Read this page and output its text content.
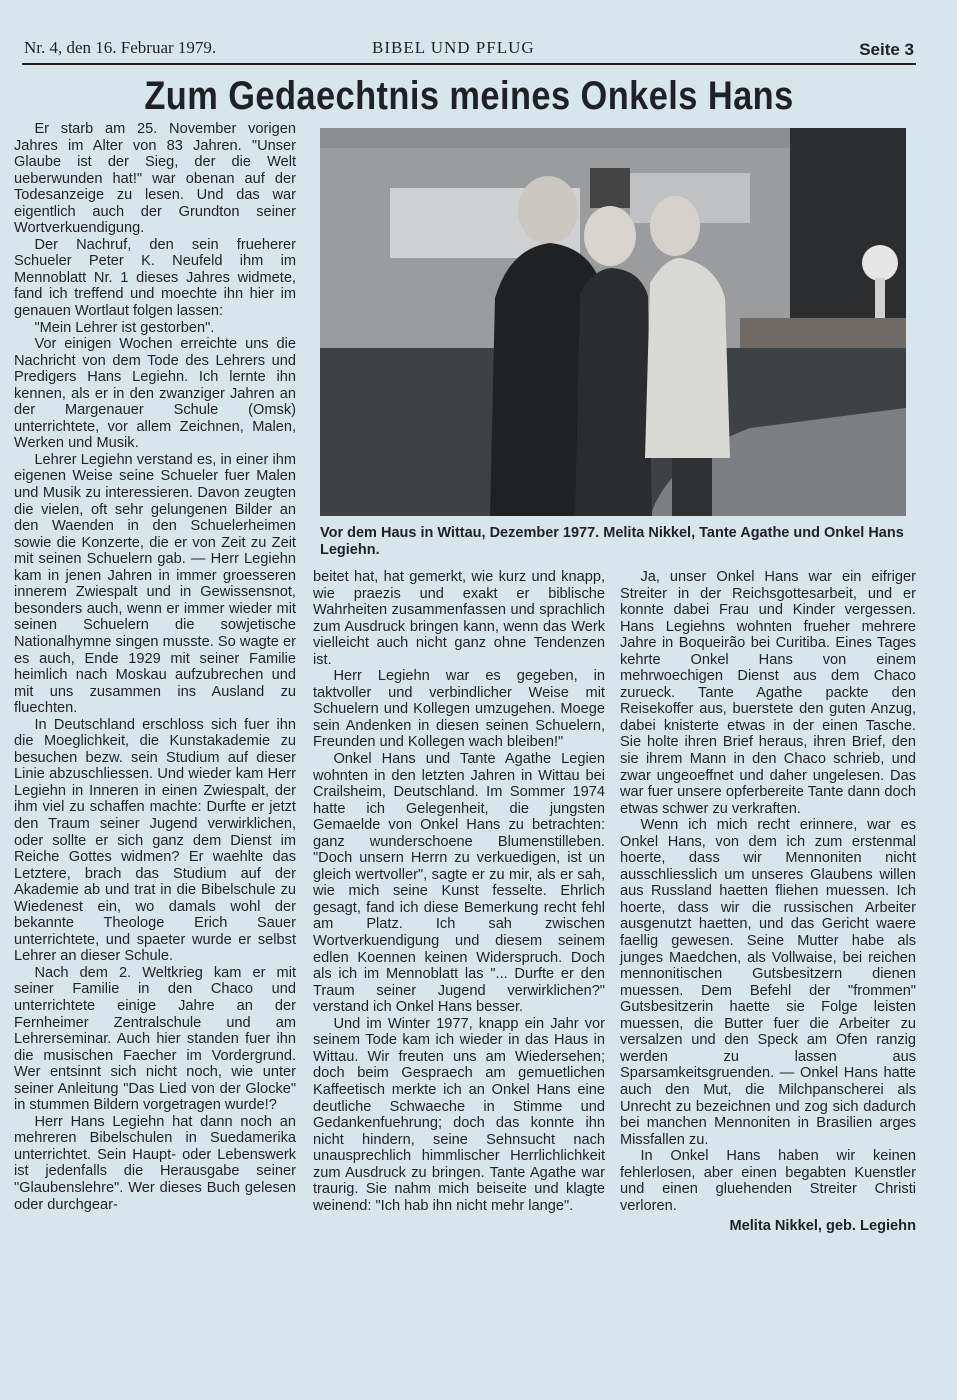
Nr. 4, den 16. Februar 1979.	BIBEL UND PFLUG	Seite 3
Zum Gedaechtnis meines Onkels Hans

Er starb am 25. November vorigen Jahres im Alter von 83 Jahren. "Unser Glaube ist der Sieg, der die Welt ueberwunden hat!" war obenan auf der Todesanzeige zu lesen. Und das war eigentlich auch der Grundton seiner Wortverkuendigung.

Der Nachruf, den sein frueherer Schueler Peter K. Neufeld ihm im Mennoblatt Nr. 1 dieses Jahres widmete, fand ich treffend und moechte ihn hier im genauen Wortlaut folgen lassen:

"Mein Lehrer ist gestorben".

Vor einigen Wochen erreichte uns die Nachricht von dem Tode des Lehrers und Predigers Hans Legiehn. Ich lernte ihn kennen, als er in den zwanziger Jahren an der Margenauer Schule (Omsk) unterrichtete, vor allem Zeichnen, Malen, Werken und Musik.

Lehrer Legiehn verstand es, in einer ihm eigenen Weise seine Schueler fuer Malen und Musik zu interessieren. Davon zeugten die vielen, oft sehr gelungenen Bilder an den Waenden in den Schuelerheimen sowie die Konzerte, die er von Zeit zu Zeit mit seinen Schuelern gab. — Herr Legiehn kam in jenen Jahren in immer groesseren innerem Zwiespalt und in Gewissensnot, besonders auch, wenn er immer wieder mit seinen Schuelern die sowjetische Nationalhymne singen musste. So wagte er es auch, Ende 1929 mit seiner Familie heimlich nach Moskau aufzubrechen und mit uns zusammen ins Ausland zu fluechten.

In Deutschland erschloss sich fuer ihn die Moeglichkeit, die Kunstakademie zu besuchen bezw. sein Studium auf dieser Linie abzuschliessen. Und wieder kam Herr Legiehn in Inneren in einen Zwiespalt, der ihm viel zu schaffen machte: Durfte er jetzt den Traum seiner Jugend verwirklichen, oder sollte er sich ganz dem Dienst im Reiche Gottes widmen? Er waehlte das Letztere, brach das Studium auf der Akademie ab und trat in die Bibelschule zu Wiedenest ein, wo damals wohl der bekannte Theologe Erich Sauer unterrichtete, und spaeter wurde er selbst Lehrer an dieser Schule.

Nach dem 2. Weltkrieg kam er mit seiner Familie in den Chaco und unterrichtete einige Jahre an der Fernheimer Zentralschule und am Lehrerseminar. Auch hier standen fuer ihn die musischen Faecher im Vordergrund. Wer entsinnt sich nicht noch, wie unter seiner Anleitung "Das Lied von der Glocke" in stummen Bildern vorgetragen wurde!?

Herr Hans Legiehn hat dann noch an mehreren Bibelschulen in Suedamerika unterrichtet. Sein Haupt- oder Lebenswerk ist jedenfalls die Herausgabe seiner "Glaubenslehre". Wer dieses Buch gelesen oder durchgear-

Vor dem Haus in Wittau, Dezember 1977. Melita Nikkel, Tante Agathe und Onkel Hans Legiehn.

beitet hat, hat gemerkt, wie kurz und knapp, wie praezis und exakt er biblische Wahrheiten zusammenfassen und sprachlich zum Ausdruck bringen kann, wenn das Werk vielleicht auch nicht ganz ohne Tendenzen ist.

Herr Legiehn war es gegeben, in taktvoller und verbindlicher Weise mit Schuelern und Kollegen umzugehen. Moege sein Andenken in diesen seinen Schuelern, Freunden und Kollegen wach bleiben!"

Onkel Hans und Tante Agathe Legien wohnten in den letzten Jahren in Wittau bei Crailsheim, Deutschland. Im Sommer 1974 hatte ich Gelegenheit, die jungsten Gemaelde von Onkel Hans zu betrachten: ganz wunderschoene Blumenstilleben. "Doch unsern Herrn zu verkuedigen, ist un gleich wertvoller", sagte er zu mir, als er sah, wie mich seine Kunst fesselte. Ehrlich gesagt, fand ich diese Bemerkung recht fehl am Platz. Ich sah zwischen Wortverkuendigung und diesem seinem edlen Koennen keinen Widerspruch. Doch als ich im Mennoblatt las "... Durfte er den Traum seiner Jugend verwirklichen?" verstand ich Onkel Hans besser.

Und im Winter 1977, knapp ein Jahr vor seinem Tode kam ich wieder in das Haus in Wittau. Wir freuten uns am Wiedersehen; doch beim Gespraech am gemuetlichen Kaffeetisch merkte ich an Onkel Hans eine deutliche Schwaeche in Stimme und Gedankenfuehrung; doch das konnte ihn nicht hindern, seine Sehnsucht nach unausprechlich himmlischer Herrlichlichkeit zum Ausdruck zu bringen. Tante Agathe war traurig. Sie nahm mich beiseite und klagte weinend: "Ich hab ihn nicht mehr lange".

Ja, unser Onkel Hans war ein eifriger Streiter in der Reichsgottesarbeit, und er konnte dabei Frau und Kinder vergessen. Hans Legiehns wohnten frueher mehrere Jahre in Boqueirão bei Curitiba. Eines Tages kehrte Onkel Hans von einem mehrwoechigen Dienst aus dem Chaco zurueck. Tante Agathe packte den Reisekoffer aus, buerstete den guten Anzug, dabei knisterte etwas in der einen Tasche. Sie holte ihren Brief heraus, ihren Brief, den sie ihrem Mann in den Chaco schrieb, und zwar ungeoeffnet und daher ungelesen. Das war fuer unsere opferbereite Tante dann doch etwas schwer zu verkraften.

Wenn ich mich recht erinnere, war es Onkel Hans, von dem ich zum erstenmal hoerte, dass wir Mennoniten nicht ausschliesslich um unseres Glaubens willen aus Russland haetten fliehen muessen. Ich hoerte, dass wir die russischen Arbeiter ausgenutzt haetten, und das Gericht waere faellig gewesen. Seine Mutter habe als junges Maedchen, als Vollwaise, bei reichen mennonitischen Gutsbesitzern dienen muessen. Dem Befehl der "frommen" Gutsbesitzerin haette sie Folge leisten muessen, die Butter fuer die Arbeiter zu versalzen und den Speck am Ofen ranzig werden zu lassen aus Sparsamkeitsgruenden. — Onkel Hans hatte auch den Mut, die Milchpanscherei als Unrecht zu bezeichnen und zog sich dadurch bei manchen Mennoniten in Brasilien arges Missfallen zu.

In Onkel Hans haben wir keinen fehlerlosen, aber einen begabten Kuenstler und einen gluehenden Streiter Christi verloren.

Melita Nikkel, geb. Legiehn
